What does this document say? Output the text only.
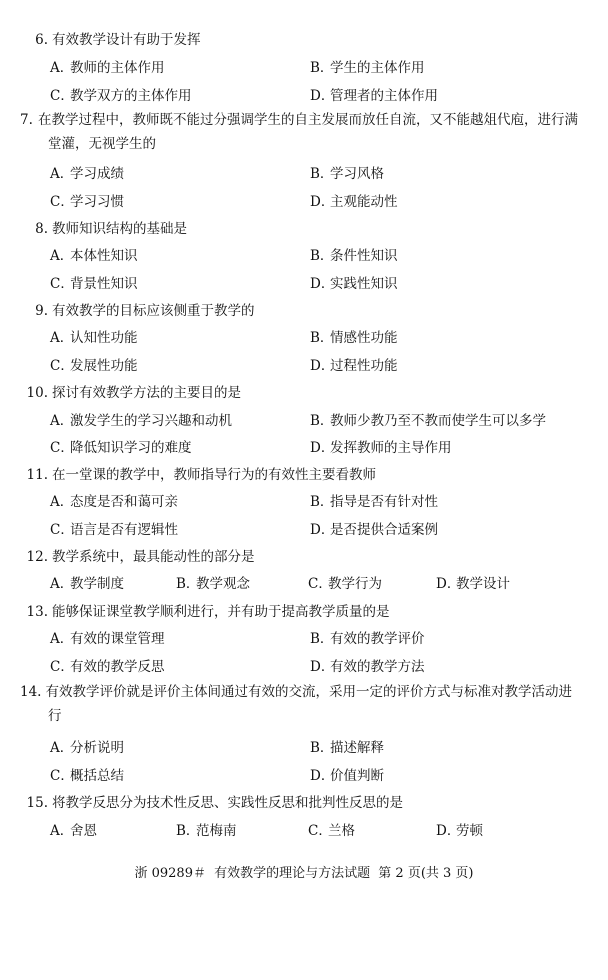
6. 有效教学设计有助于发挥
A．教师的主体作用	B．学生的主体作用
C．教学双方的主体作用	D．管理者的主体作用
7. 在教学过程中，教师既不能过分强调学生的自主发展而放任自流，又不能越俎代庖，进行满堂灌，无视学生的
A．学习成绩	B．学习风格
C．学习习惯	D．主观能动性
8. 教师知识结构的基础是
A．本体性知识	B．条件性知识
C．背景性知识	D．实践性知识
9. 有效教学的目标应该侧重于教学的
A．认知性功能	B．情感性功能
C．发展性功能	D．过程性功能
10. 探讨有效教学方法的主要目的是
A．激发学生的学习兴趣和动机	B．教师少教乃至不教而使学生可以多学
C．降低知识学习的难度	D．发挥教师的主导作用
11. 在一堂课的教学中，教师指导行为的有效性主要看教师
A．态度是否和蔼可亲	B．指导是否有针对性
C．语言是否有逻辑性	D．是否提供合适案例
12. 教学系统中，最具能动性的部分是
A．教学制度	B．教学观念	C．教学行为	D．教学设计
13. 能够保证课堂教学顺利进行，并有助于提高教学质量的是
A．有效的课堂管理	B．有效的教学评价
C．有效的教学反思	D．有效的教学方法
14. 有效教学评价就是评价主体间通过有效的交流，采用一定的评价方式与标准对教学活动进行
A．分析说明	B．描述解释
C．概括总结	D．价值判断
15. 将教学反思分为技术性反思、实践性反思和批判性反思的是
A．舍恩	B．范梅南	C．兰格	D．劳顿
浙 09289＃ 有效教学的理论与方法试题 第 2 页(共 3 页)
